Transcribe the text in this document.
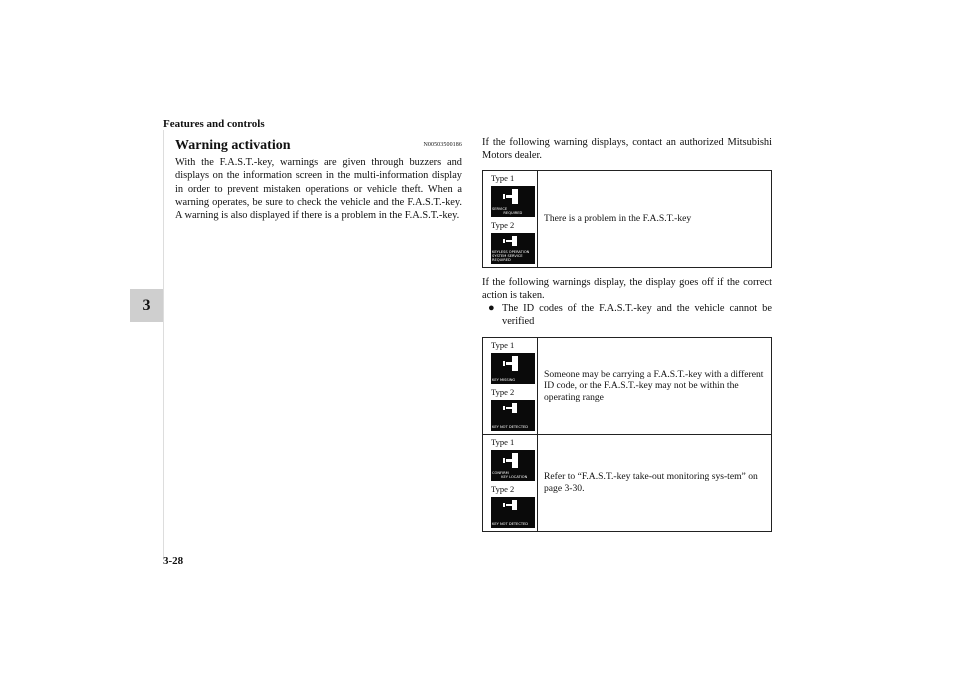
Features and controls
3
3-28
Warning activation	N00503500186

With the F.A.S.T.-key, warnings are given through buzzers and displays on the information screen in the multi-information display in order to prevent mistaken operations or vehicle theft. When a warning operates, be sure to check the vehicle and the F.A.S.T.-key. A warning is also displayed if there is a problem in the F.A.S.T.-key.

If the following warning displays, contact an authorized Mitsubishi Motors dealer.

Type 1
SERVICE
REQUIRED
Type 2
KEYLESS OPERATION
SYSTEM SERVICE
REQUIRED
	There is a problem in the F.A.S.T.-key

If the following warnings display, the display goes off if the correct action is taken.

● The ID codes of the F.A.S.T.-key and the vehicle cannot be verified
Type 1
KEY MISSING
Type 2
KEY NOT DETECTED	Someone may be carrying a F.A.S.T.-key with a different ID code, or the F.A.S.T.-key may not be within the operating range

Type 1
CONFIRM
KEY LOCATION
Type 2
KEY NOT DETECTED	Refer to “F.A.S.T.-key take-out monitoring sys-tem” on page 3-30.
